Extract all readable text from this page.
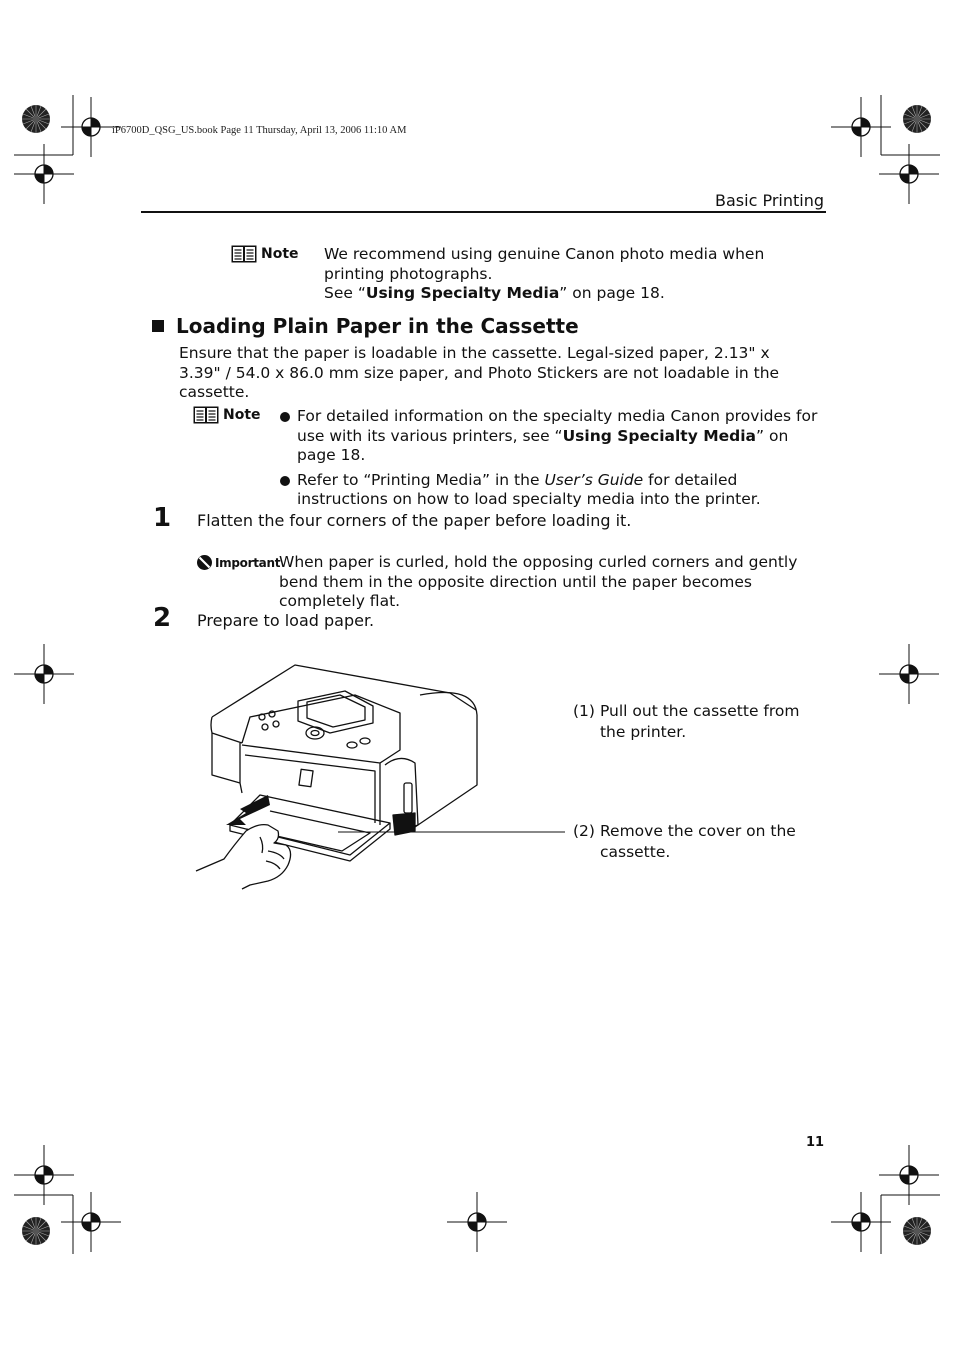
iP6700D_QSG_US.book Page 11 Thursday, April 13, 2006 11:10 AM
Basic Printing
Note We recommend using genuine Canon photo media when printing photographs.
See “Using Specialty Media” on page 18.
Loading Plain Paper in the Cassette
Ensure that the paper is loadable in the cassette. Legal-sized paper, 2.13" x 3.39" / 54.0 x 86.0 mm size paper, and Photo Stickers are not loadable in the cassette.
Note	For detailed information on the specialty media Canon provides for use with its various printers, see “Using Specialty Media” on page 18.
Refer to “Printing Media” in the User’s Guide for detailed instructions on how to load specialty media into the printer.
1 Flatten the four corners of the paper before loading it.
Important
When paper is curled, hold the opposing curled corners and gently bend them in the opposite direction until the paper becomes completely flat.
2 Prepare to load paper.
(1) Pull out the cassette from the printer.
(2) Remove the cover on the cassette.
11
